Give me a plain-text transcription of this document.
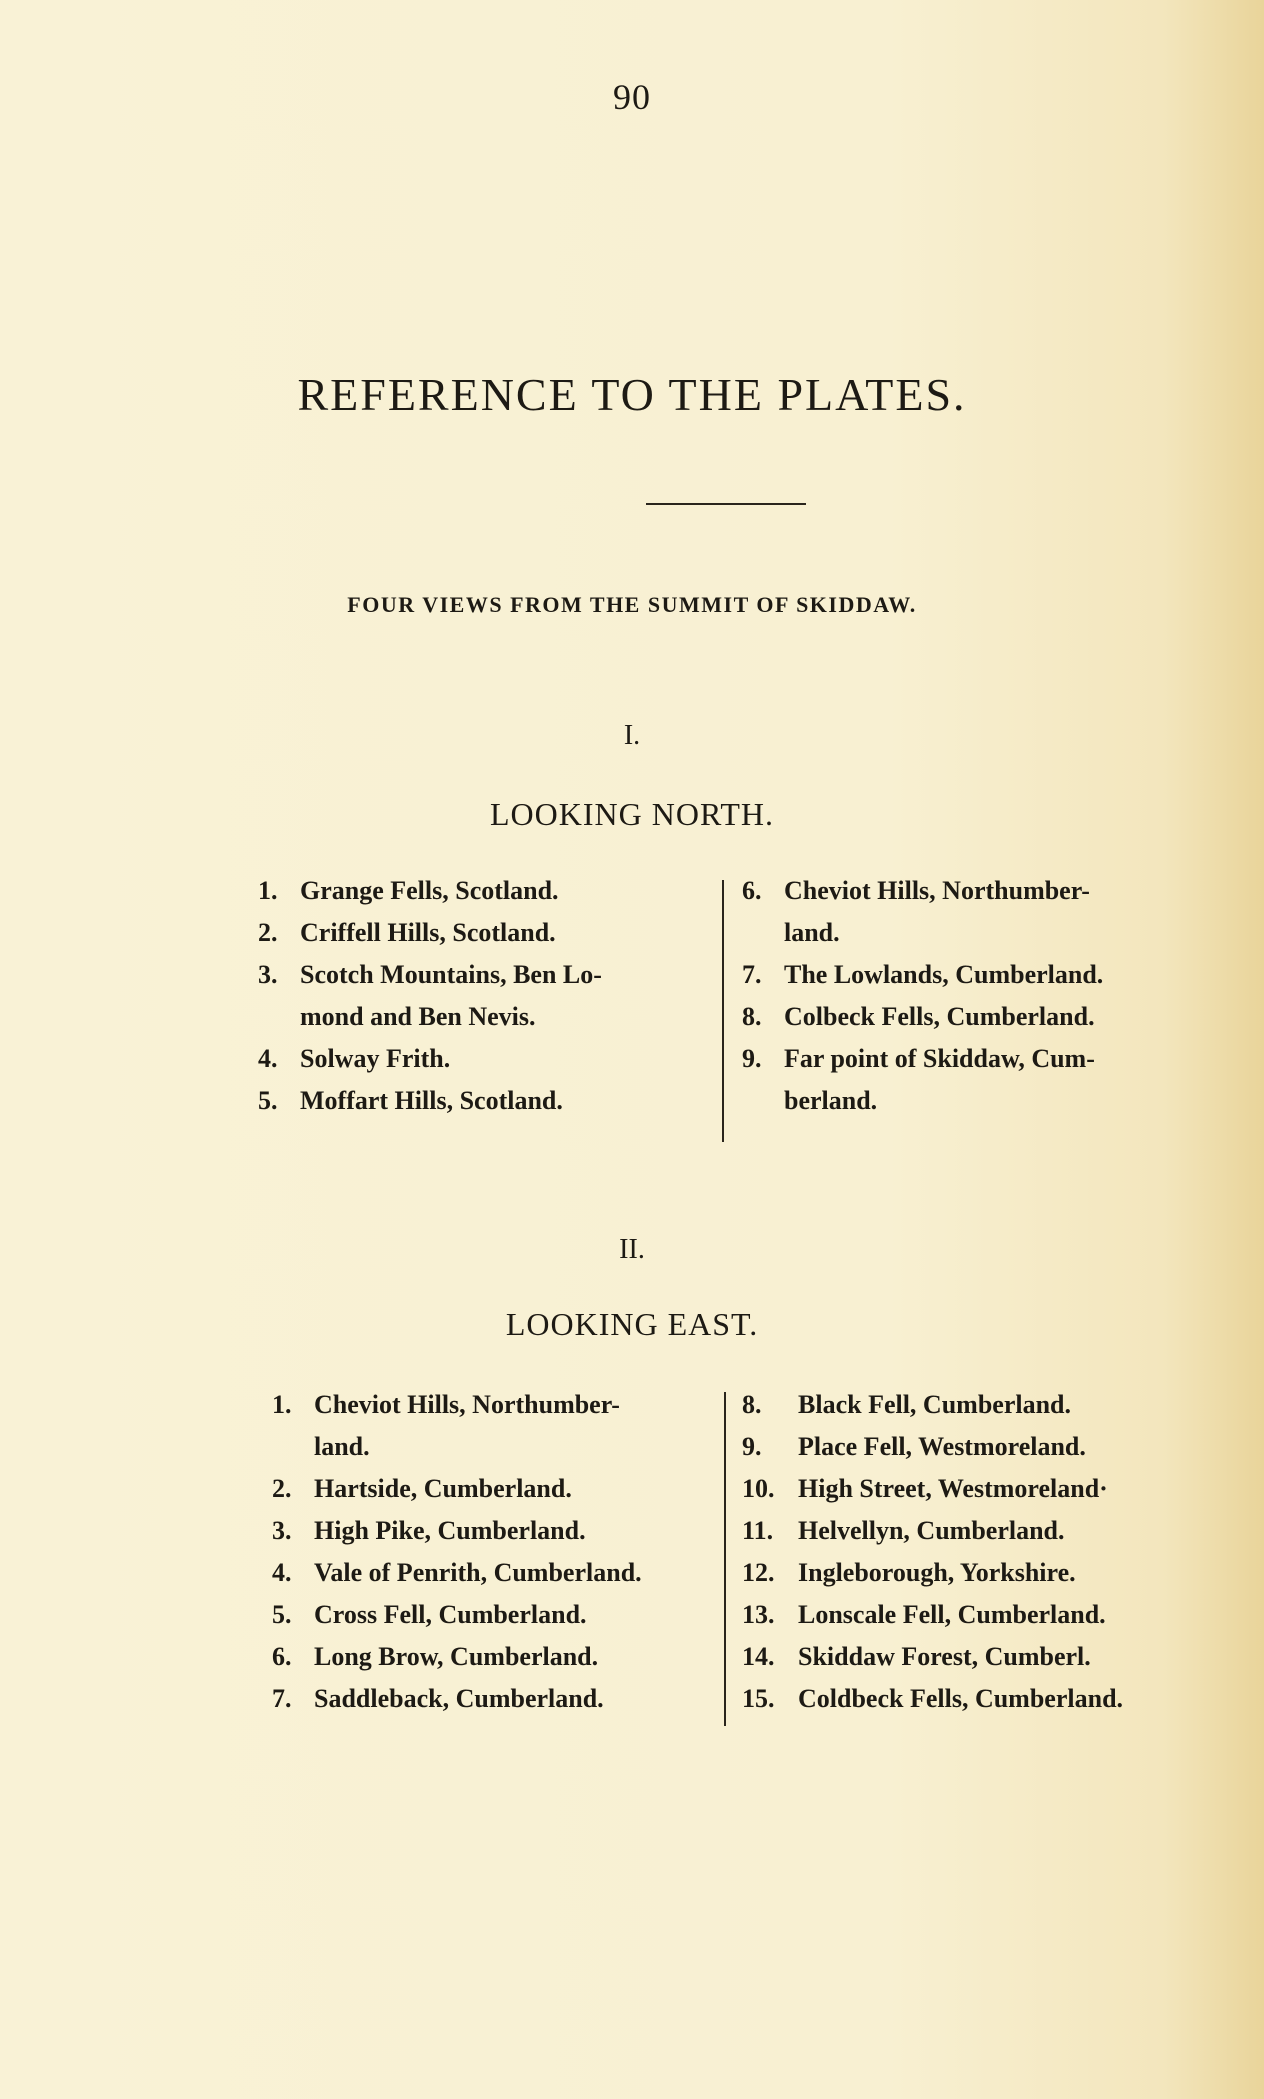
90
REFERENCE TO THE PLATES.
FOUR VIEWS FROM THE SUMMIT OF SKIDDAW.
I.
LOOKING NORTH.
1. Grange Fells, Scotland.
2. Criffell Hills, Scotland.
3. Scotch Mountains, Ben Lo-
mond and Ben Nevis.
4. Solway Frith.
5. Moffart Hills, Scotland.
6. Cheviot Hills, Northumber-
land.
7. The Lowlands, Cumberland.
8. Colbeck Fells, Cumberland.
9. Far point of Skiddaw, Cum-
berland.
II.
LOOKING EAST.
1. Cheviot Hills, Northumber-
land.
2. Hartside, Cumberland.
3. High Pike, Cumberland.
4. Vale of Penrith, Cumberland.
5. Cross Fell, Cumberland.
6. Long Brow, Cumberland.
7. Saddleback, Cumberland.
8. Black Fell, Cumberland.
9. Place Fell, Westmoreland.
10. High Street, Westmoreland·
11. Helvellyn, Cumberland.
12. Ingleborough, Yorkshire.
13. Lonscale Fell, Cumberland.
14. Skiddaw Forest, Cumberl.
15. Coldbeck Fells, Cumberland.
